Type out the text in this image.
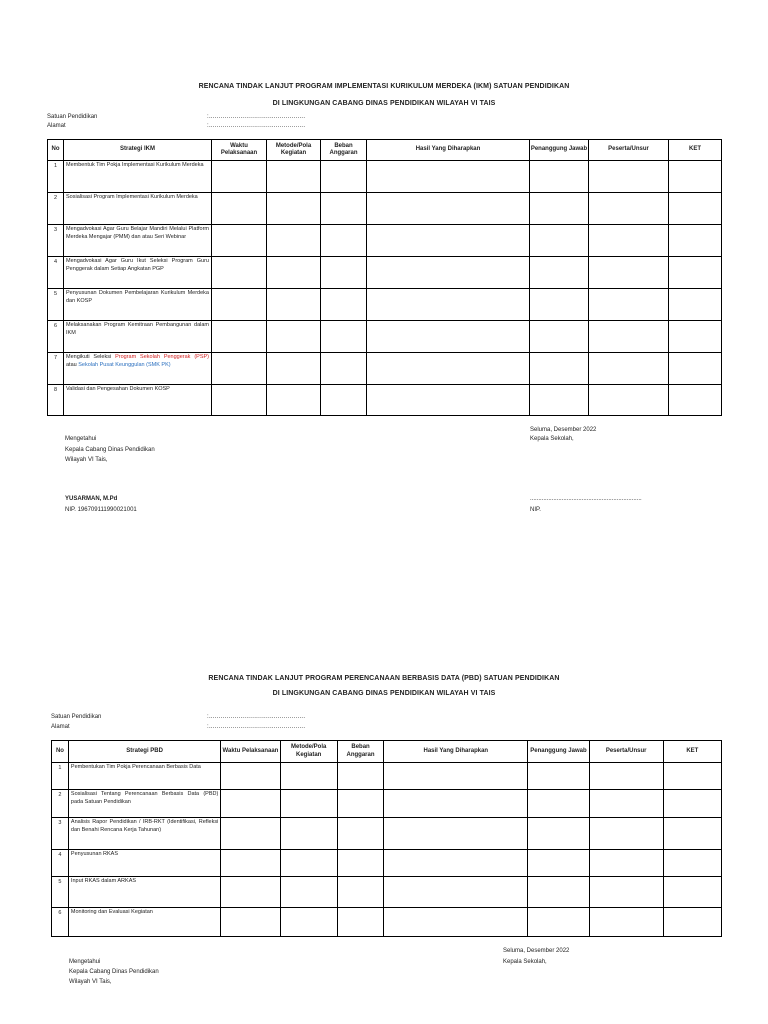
RENCANA TINDAK LANJUT PROGRAM IMPLEMENTASI KURIKULUM MERDEKA (IKM) SATUAN PENDIDIKAN
DI LINGKUNGAN CABANG DINAS PENDIDIKAN WILAYAH VI TAIS
Satuan Pendidikan	:.................................................
Alamat	:.................................................
No	Strategi IKM	Waktu Pelaksanaan	Metode/Pola Kegiatan	Beban Anggaran	Hasil Yang Diharapkan	Penanggung Jawab	Peserta/Unsur	KET
1	Membentuk Tim Pokja Implementasi Kurikulum Merdeka							
2	Sosialisasi Program Implementasi Kurikulum Merdeka							
3	Mengadvokasi Agar Guru Belajar Mandiri Melalui Platform Merdeka Mengajar (PMM) dan atau Seri Webinar							
4	Mengadvokasi Agar Guru Ikut Seleksi Program Guru Penggerak dalam Setiap Angkatan PGP							
5	Penyusunan Dokumen Pembelajaran Kurikulum Merdeka dan KOSP							
6	Melaksanakan Program Kemitraan Pembangunan dalam IKM							
7	Mengikuti Seleksi Program Sekolah Penggerak (PSP) atau Sekolah Pusat Keunggulan (SMK PK)							
8	Validasi dan Pengesahan Dokumen KOSP							
Seluma, Desember 2022
Kepala Sekolah,
Mengetahui
Kepala Cabang Dinas Pendidikan
Wilayah VI Tais,
YUSARMAN, M.Pd
NIP. 196709111990021001
...................................................................
NIP.
RENCANA TINDAK LANJUT PROGRAM PERENCANAAN BERBASIS DATA (PBD) SATUAN PENDIDIKAN
DI LINGKUNGAN CABANG DINAS PENDIDIKAN WILAYAH VI TAIS
Satuan Pendidikan	:.................................................
Alamat	:.................................................
No	Strategi PBD	Waktu Pelaksanaan	Metode/Pola Kegiatan	Beban Anggaran	Hasil Yang Diharapkan	Penanggung Jawab	Peserta/Unsur	KET
1	Pembentukan Tim Pokja Perencanaan Berbasis Data							
2	Sosialisasi Tentang Perencanaan Berbasis Data (PBD) pada Satuan Pendidikan							
3	Analisis Rapor Pendidikan / IRB-RKT (Identifikasi, Refleksi dan Benahi Rencana Kerja Tahunan)							
4	Penyusunan RKAS							
5	Input RKAS dalam ARKAS							
6	Monitoring dan Evaluasi Kegiatan							
Seluma, Desember 2022
Kepala Sekolah,
Mengetahui
Kepala Cabang Dinas Pendidikan
Wilayah VI Tais,
